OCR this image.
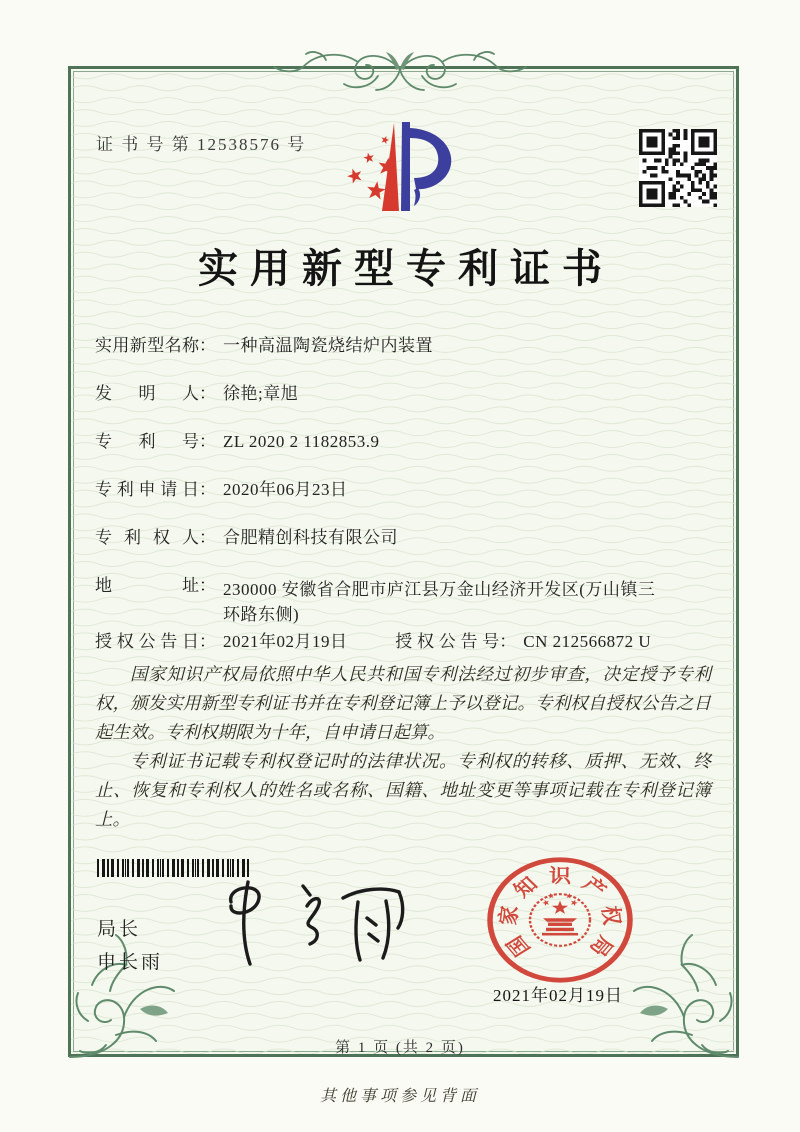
证 书 号 第 12538576 号
实用新型专利证书
实用新型名称： 一种高温陶瓷烧结炉内装置
发明人： 徐艳;章旭
专利号： ZL 2020 2 1182853.9
专利申请日： 2020年06月23日
专利权人： 合肥精创科技有限公司
地址： 230000 安徽省合肥市庐江县万金山经济开发区(万山镇三
环路东侧)
授权公告日： 2021年02月19日	授权公告号： CN 212566872 U

国家知识产权局依照中华人民共和国专利法经过初步审查，决定授予专利权，颁发实用新型专利证书并在专利登记簿上予以登记。专利权自授权公告之日起生效。专利权期限为十年，自申请日起算。

专利证书记载专利权登记时的法律状况。专利权的转移、质押、无效、终止、恢复和专利权人的姓名或名称、国籍、地址变更等事项记载在专利登记簿上。

局长
申长雨
国
家
知 识 产
权
局
2021年02月19日
第 1 页 (共 2 页)
其他事项参见背面
